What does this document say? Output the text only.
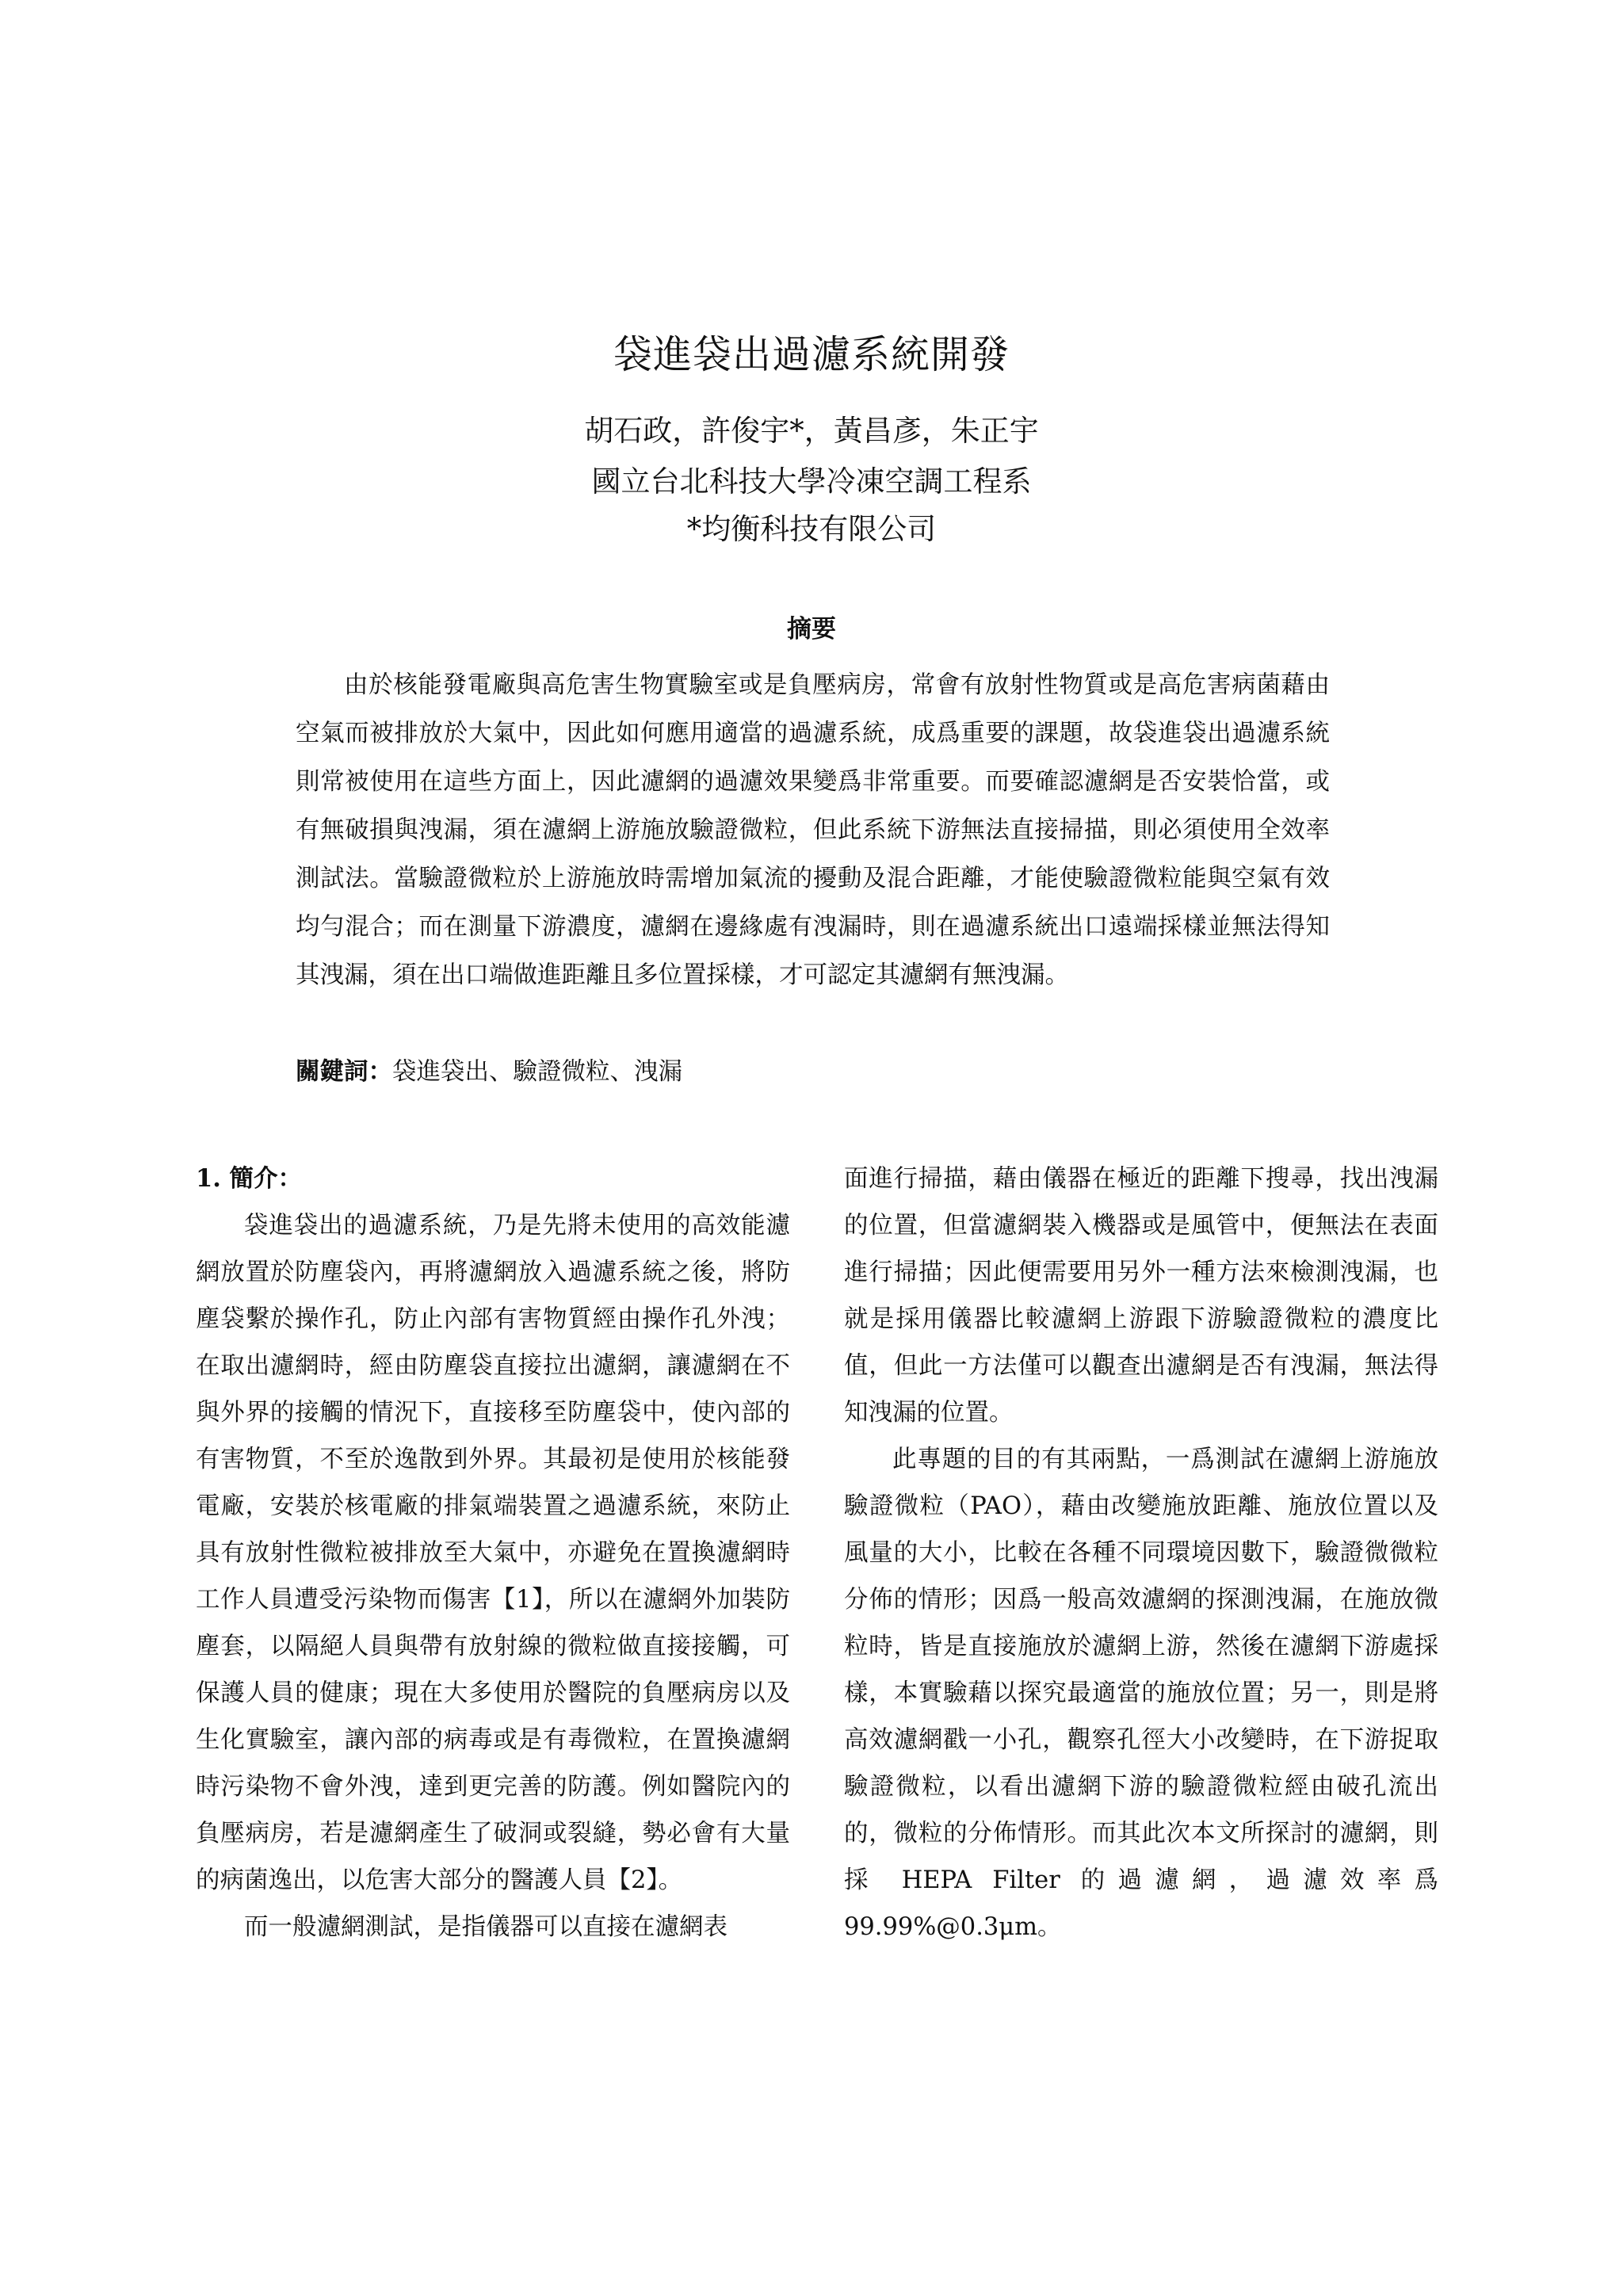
袋進袋出過濾系統開發
胡石政，許俊宇*，黃昌彥，朱正宇
國立台北科技大學冷凍空調工程系
*均衡科技有限公司
摘要

由於核能發電廠與高危害生物實驗室或是負壓病房，常會有放射性物質或是高危害病菌藉由空氣而被排放於大氣中，因此如何應用適當的過濾系統，成爲重要的課題，故袋進袋出過濾系統則常被使用在這些方面上，因此濾網的過濾效果變爲非常重要。而要確認濾網是否安裝恰當，或有無破損與洩漏，須在濾網上游施放驗證微粒，但此系統下游無法直接掃描，則必須使用全效率測試法。當驗證微粒於上游施放時需增加氣流的擾動及混合距離，才能使驗證微粒能與空氣有效均勻混合；而在測量下游濃度，濾網在邊緣處有洩漏時，則在過濾系統出口遠端採樣並無法得知其洩漏，須在出口端做進距離且多位置採樣，才可認定其濾網有無洩漏。

關鍵詞：袋進袋出、驗證微粒、洩漏
1. 簡介：

袋進袋出的過濾系統，乃是先將未使用的高效能濾網放置於防塵袋內，再將濾網放入過濾系統之後，將防塵袋繫於操作孔，防止內部有害物質經由操作孔外洩；在取出濾網時，經由防塵袋直接拉出濾網，讓濾網在不與外界的接觸的情況下，直接移至防塵袋中，使內部的有害物質，不至於逸散到外界。其最初是使用於核能發電廠，安裝於核電廠的排氣端裝置之過濾系統，來防止具有放射性微粒被排放至大氣中，亦避免在置換濾網時工作人員遭受污染物而傷害【1】，所以在濾網外加裝防塵套，以隔絕人員與帶有放射線的微粒做直接接觸，可保護人員的健康；現在大多使用於醫院的負壓病房以及生化實驗室，讓內部的病毒或是有毒微粒，在置換濾網時污染物不會外洩，達到更完善的防護。例如醫院內的負壓病房，若是濾網產生了破洞或裂縫，勢必會有大量的病菌逸出，以危害大部分的醫護人員【2】。

而一般濾網測試，是指儀器可以直接在濾網表

面進行掃描，藉由儀器在極近的距離下搜尋，找出洩漏的位置，但當濾網裝入機器或是風管中，便無法在表面進行掃描；因此便需要用另外一種方法來檢測洩漏，也就是採用儀器比較濾網上游跟下游驗證微粒的濃度比值，但此一方法僅可以觀查出濾網是否有洩漏，無法得知洩漏的位置。

此專題的目的有其兩點，一爲測試在濾網上游施放驗證微粒（PAO），藉由改變施放距離、施放位置以及風量的大小，比較在各種不同環境因數下，驗證微微粒分佈的情形；因爲一般高效濾網的探測洩漏，在施放微粒時，皆是直接施放於濾網上游，然後在濾網下游處採樣，本實驗藉以探究最適當的施放位置；另一，則是將高效濾網戳一小孔，觀察孔徑大小改變時，在下游捉取驗證微粒，以看出濾網下游的驗證微粒經由破孔流出的，微粒的分佈情形。而其此次本文所探討的濾網，則採 HEPA Filter 的過濾網，過濾效率爲 99.99%@0.3μm。
